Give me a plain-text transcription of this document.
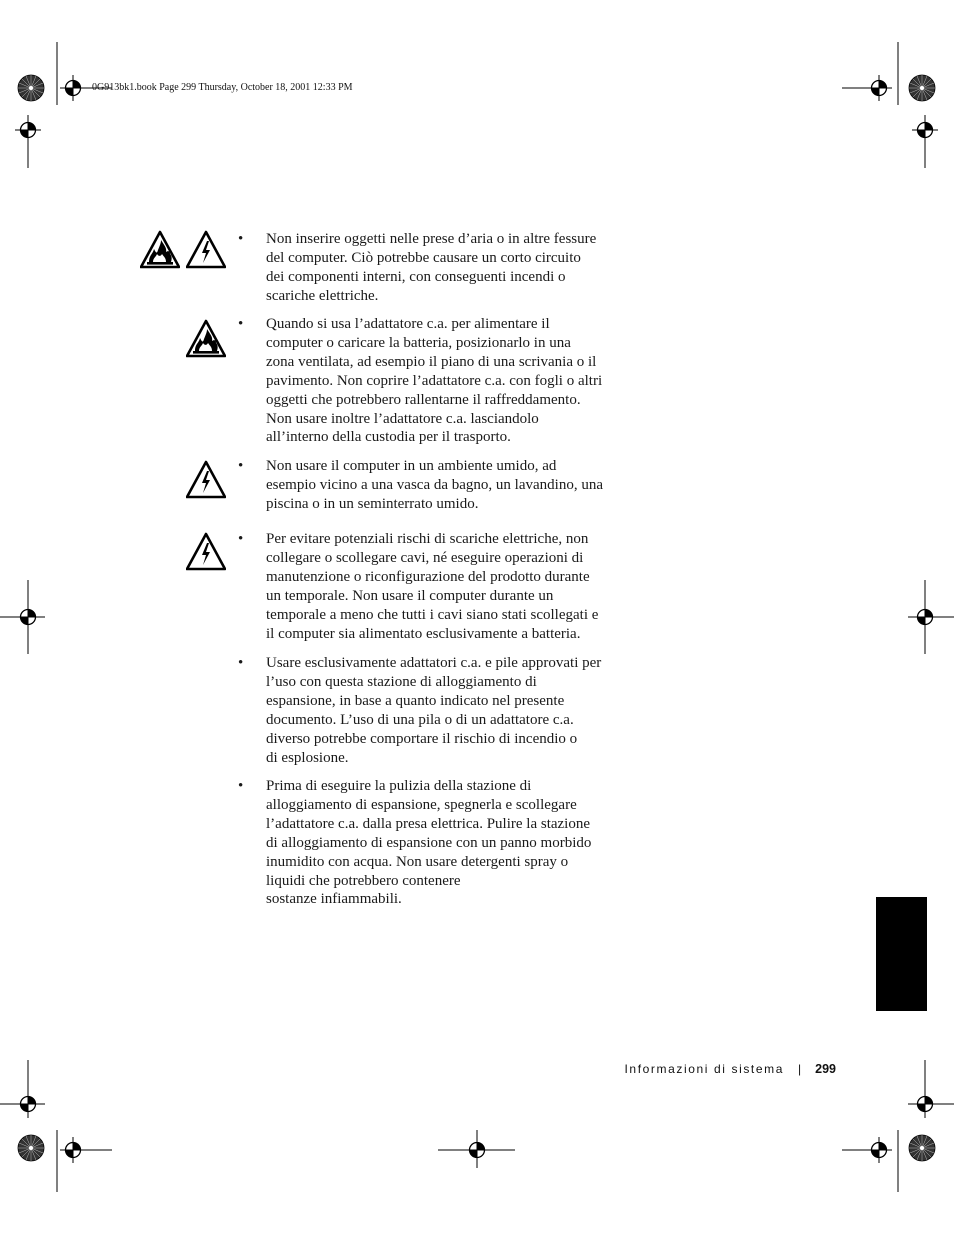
0G913bk1.book Page 299 Thursday, October 18, 2001 12:33 PM
• Non inserire oggetti nelle prese d’aria o in altre fessure
del computer. Ciò potrebbe causare un corto circuito
dei componenti interni, con conseguenti incendi o
scariche elettriche.
• Quando si usa l’adattatore c.a. per alimentare il
computer o caricare la batteria, posizionarlo in una
zona ventilata, ad esempio il piano di una scrivania o il
pavimento. Non coprire l’adattatore c.a. con fogli o altri
oggetti che potrebbero rallentarne il raffreddamento.
Non usare inoltre l’adattatore c.a. lasciandolo
all’interno della custodia per il trasporto.
• Non usare il computer in un ambiente umido, ad
esempio vicino a una vasca da bagno, un lavandino, una
piscina o in un seminterrato umido.
• Per evitare potenziali rischi di scariche elettriche, non
collegare o scollegare cavi, né eseguire operazioni di
manutenzione o riconfigurazione del prodotto durante
un temporale. Non usare il computer durante un
temporale a meno che tutti i cavi siano stati scollegati e
il computer sia alimentato esclusivamente a batteria.
• Usare esclusivamente adattatori c.a. e pile approvati per
l’uso con questa stazione di alloggiamento di
espansione, in base a quanto indicato nel presente
documento. L’uso di una pila o di un adattatore c.a.
diverso potrebbe comportare il rischio di incendio o
di esplosione.
• Prima di eseguire la pulizia della stazione di
alloggiamento di espansione, spegnerla e scollegare
l’adattatore c.a. dalla presa elettrica. Pulire la stazione
di alloggiamento di espansione con un panno morbido
inumidito con acqua. Non usare detergenti spray o
liquidi che potrebbero contenere
sostanze infiammabili.
Informazioni di sistema | 299
